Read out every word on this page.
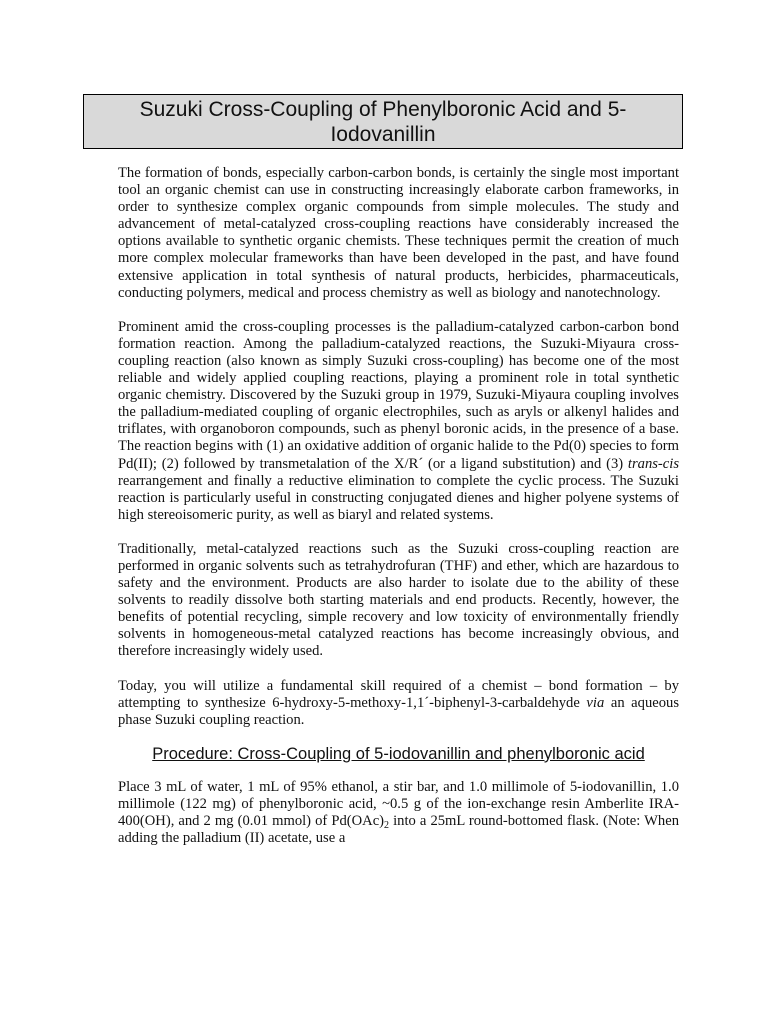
Suzuki Cross-Coupling of Phenylboronic Acid and 5-Iodovanillin

The formation of bonds, especially carbon-carbon bonds, is certainly the single most important tool an organic chemist can use in constructing increasingly elaborate carbon frameworks, in order to synthesize complex organic compounds from simple molecules. The study and advancement of metal-catalyzed cross-coupling reactions have considerably increased the options available to synthetic organic chemists. These techniques permit the creation of much more complex molecular frameworks than have been developed in the past, and have found extensive application in total synthesis of natural products, herbicides, pharmaceuticals, conducting polymers, medical and process chemistry as well as biology and nanotechnology.

Prominent amid the cross-coupling processes is the palladium-catalyzed carbon-carbon bond formation reaction. Among the palladium-catalyzed reactions, the Suzuki-Miyaura cross-coupling reaction (also known as simply Suzuki cross-coupling) has become one of the most reliable and widely applied coupling reactions, playing a prominent role in total synthetic organic chemistry. Discovered by the Suzuki group in 1979, Suzuki-Miyaura coupling involves the palladium-mediated coupling of organic electrophiles, such as aryls or alkenyl halides and triflates, with organoboron compounds, such as phenyl boronic acids, in the presence of a base. The reaction begins with (1) an oxidative addition of organic halide to the Pd(0) species to form Pd(II); (2) followed by transmetalation of the X/R´ (or a ligand substitution) and (3) trans-cis rearrangement and finally a reductive elimination to complete the cyclic process. The Suzuki reaction is particularly useful in constructing conjugated dienes and higher polyene systems of high stereoisomeric purity, as well as biaryl and related systems.

Traditionally, metal-catalyzed reactions such as the Suzuki cross-coupling reaction are performed in organic solvents such as tetrahydrofuran (THF) and ether, which are hazardous to safety and the environment. Products are also harder to isolate due to the ability of these solvents to readily dissolve both starting materials and end products. Recently, however, the benefits of potential recycling, simple recovery and low toxicity of environmentally friendly solvents in homogeneous-metal catalyzed reactions has become increasingly obvious, and therefore increasingly widely used.

Today, you will utilize a fundamental skill required of a chemist – bond formation – by attempting to synthesize 6-hydroxy-5-methoxy-1,1´-biphenyl-3-carbaldehyde via an aqueous phase Suzuki coupling reaction.

Procedure: Cross-Coupling of 5-iodovanillin and phenylboronic acid

Place 3 mL of water, 1 mL of 95% ethanol, a stir bar, and 1.0 millimole of 5-iodovanillin, 1.0 millimole (122 mg) of phenylboronic acid, ~0.5 g of the ion-exchange resin Amberlite IRA-400(OH), and 2 mg (0.01 mmol) of $Pd(OAc)_2$ into a 25mL round-bottomed flask. (Note: When adding the palladium (II) acetate, use a
